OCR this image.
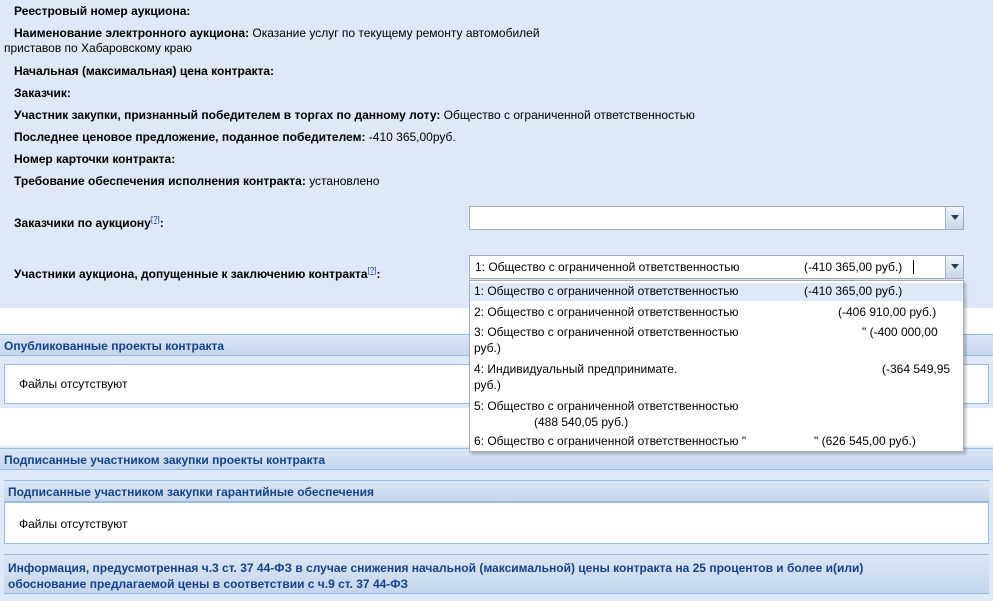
Реестровый номер аукциона:
Наименование электронного аукциона: Оказание услуг по текущему ремонту автомобилей
приставов по Хабаровскому краю
Начальная (максимальная) цена контракта:
Заказчик:
Участник закупки, признанный победителем в торгах по данному лоту: Общество с ограниченной ответственностью
Последнее ценовое предложение, поданное победителем: -410 365,00руб.
Номер карточки контракта:
Требование обеспечения исполнения контракта: установлено
Заказчики по аукциону[?]:
Участники аукциона, допущенные к заключению контракта[?]:	1: Общество с ограниченной ответственностью	(-410 365,00 руб.)
Опубликованные проекты контракта
Файлы отсутствуют
Подписанные участником закупки проекты контракта
Подписанные участником закупки гарантийные обеспечения
Файлы отсутствуют
Информация, предусмотренная ч.3 ст. 37 44-ФЗ в случае снижения начальной (максимальной) цены контракта на 25 процентов и более и(или)
обоснование предлагаемой цены в соответствии с ч.9 ст. 37 44-ФЗ
1: Общество с ограниченной ответственностью	(-410 365,00 руб.)
2: Общество с ограниченной ответственностью	(-406 910,00 руб.)
3: Общество с ограниченной ответственностью	" (-400 000,00
руб.)
4: Индивидуальный предпринимате.	(-364 549,95
руб.)
5: Общество с ограниченной ответственностью
(488 540,05 руб.)
6: Общество с ограниченной ответственностью "	" (626 545,00 руб.)
